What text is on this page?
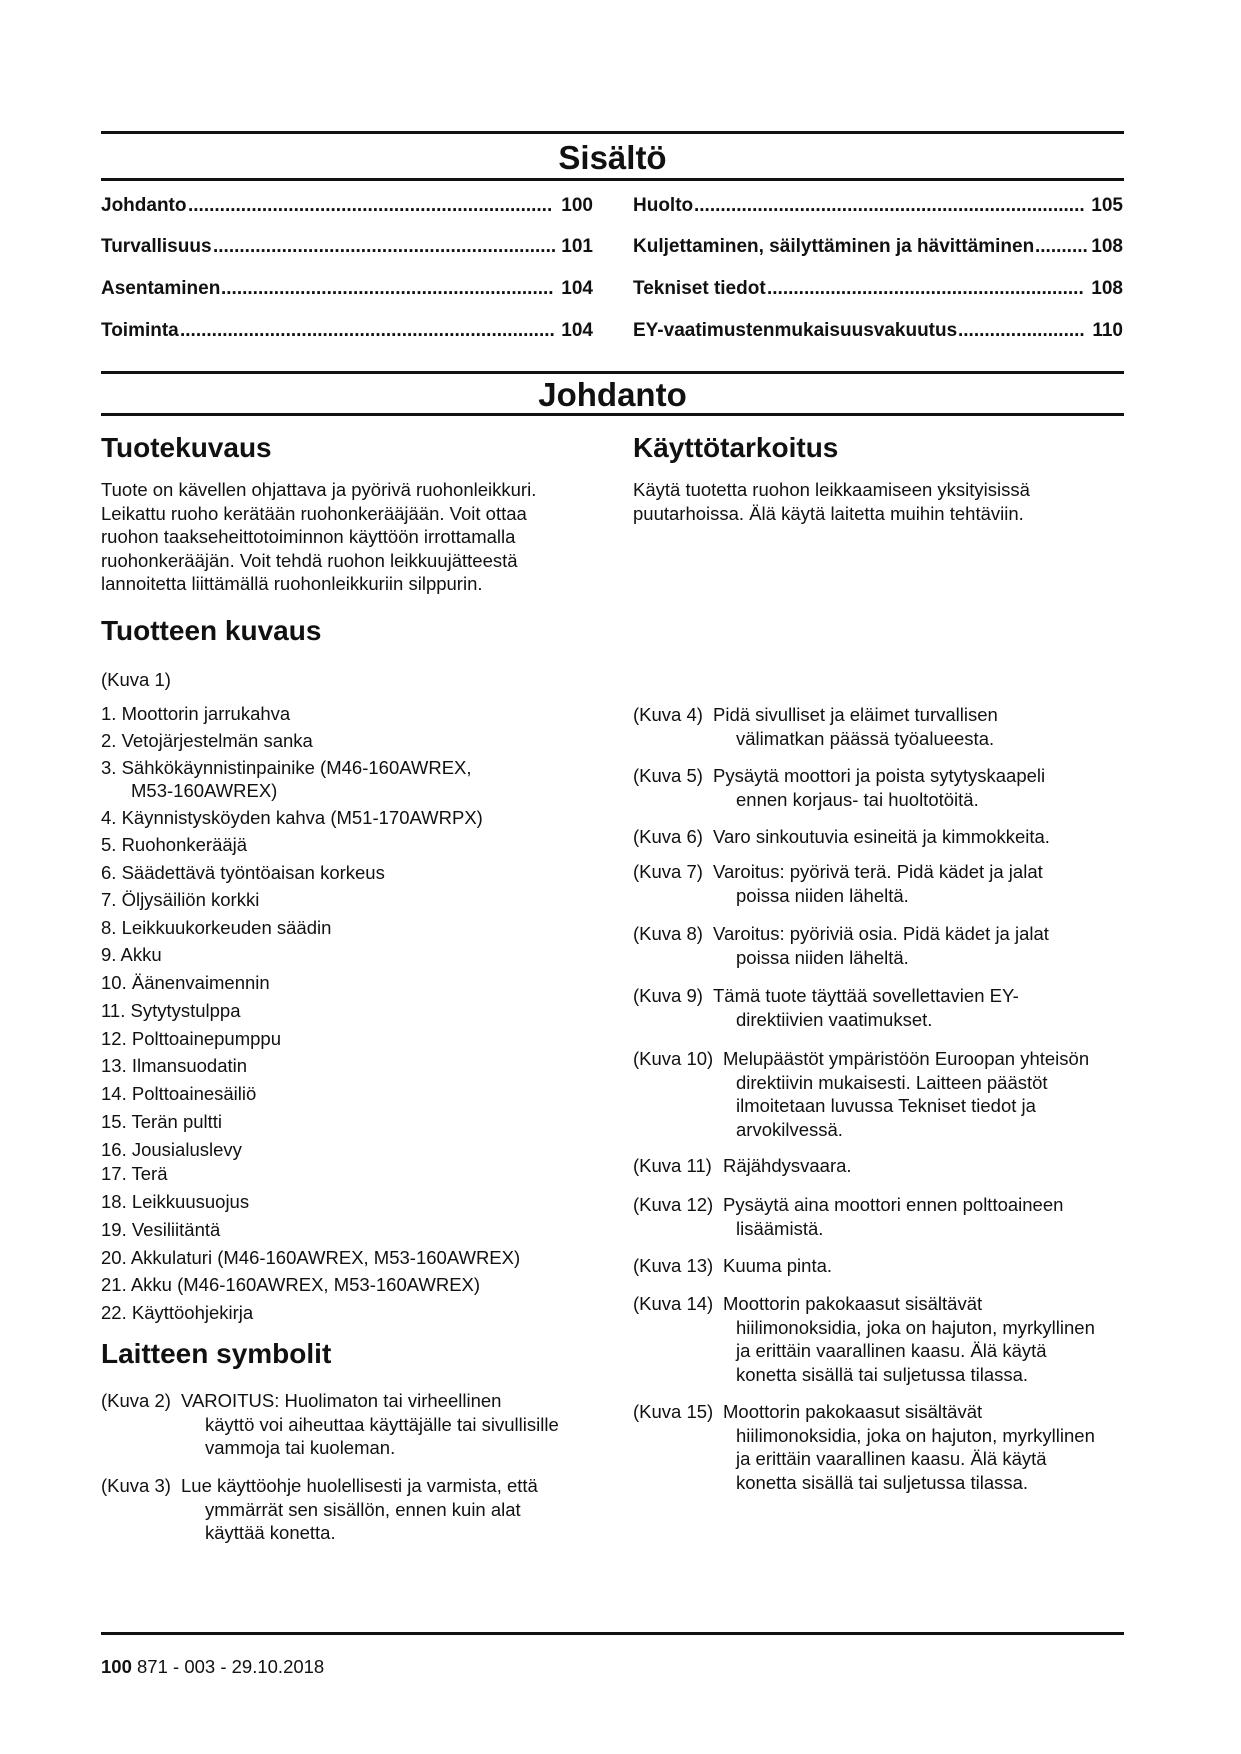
Sisältö
Johdanto	100
.....................................................................
Turvallisuus	101
.................................................................
Asentaminen	104
...............................................................
Toiminta	104
.......................................................................
Huolto	105
..........................................................................
Kuljettaminen, säilyttäminen ja hävittäminen	108
..........
Tekniset tiedot	108
............................................................
EY-vaatimustenmukaisuusvakuutus	110
........................
Johdanto
Tuotekuvaus
Tuote on kävellen ohjattava ja pyörivä ruohonleikkuri.
Leikattu ruoho kerätään ruohonkerääjään. Voit ottaa
ruohon taakseheittotoiminnon käyttöön irrottamalla
ruohonkerääjän. Voit tehdä ruohon leikkuujätteestä
lannoitetta liittämällä ruohonleikkuriin silppurin.
Käyttötarkoitus
Käytä tuotetta ruohon leikkaamiseen yksityisissä
puutarhoissa. Älä käytä laitetta muihin tehtäviin.
Tuotteen kuvaus
(Kuva 1)
1. Moottorin jarrukahva
2. Vetojärjestelmän sanka
3. Sähkökäynnistinpainike (M46-160AWREX,
M53-160AWREX)
4. Käynnistysköyden kahva (M51-170AWRPX)
5. Ruohonkerääjä
6. Säädettävä työntöaisan korkeus
7. Öljysäiliön korkki
8. Leikkuukorkeuden säädin
9. Akku
10. Äänenvaimennin
11. Sytytystulppa
12. Polttoainepumppu
13. Ilmansuodatin
14. Polttoainesäiliö
15. Terän pultti
16. Jousialuslevy
17. Terä
18. Leikkuusuojus
19. Vesiliitäntä
20. Akkulaturi (M46-160AWREX, M53-160AWREX)
21. Akku (M46-160AWREX, M53-160AWREX)
22. Käyttöohjekirja
Laitteen symbolit
(Kuva 2) VAROITUS: Huolimaton tai virheellinen
käyttö voi aiheuttaa käyttäjälle tai sivullisille
vammoja tai kuoleman.
(Kuva 3) Lue käyttöohje huolellisesti ja varmista, että
ymmärrät sen sisällön, ennen kuin alat
käyttää konetta.
(Kuva 4) Pidä sivulliset ja eläimet turvallisen
välimatkan päässä työalueesta.
(Kuva 5) Pysäytä moottori ja poista sytytyskaapeli
ennen korjaus- tai huoltotöitä.
(Kuva 6) Varo sinkoutuvia esineitä ja kimmokkeita.
(Kuva 7) Varoitus: pyörivä terä. Pidä kädet ja jalat
poissa niiden läheltä.
(Kuva 8) Varoitus: pyöriviä osia. Pidä kädet ja jalat
poissa niiden läheltä.
(Kuva 9) Tämä tuote täyttää sovellettavien EY-
direktiivien vaatimukset.
(Kuva 10) Melupäästöt ympäristöön Euroopan yhteisön
direktiivin mukaisesti. Laitteen päästöt
ilmoitetaan luvussa Tekniset tiedot ja
arvokilvessä.
(Kuva 11) Räjähdysvaara.
(Kuva 12) Pysäytä aina moottori ennen polttoaineen
lisäämistä.
(Kuva 13) Kuuma pinta.
(Kuva 14) Moottorin pakokaasut sisältävät
hiilimonoksidia, joka on hajuton, myrkyllinen
ja erittäin vaarallinen kaasu. Älä käytä
konetta sisällä tai suljetussa tilassa.
(Kuva 15) Moottorin pakokaasut sisältävät
hiilimonoksidia, joka on hajuton, myrkyllinen
ja erittäin vaarallinen kaasu. Älä käytä
konetta sisällä tai suljetussa tilassa.
100 871 - 003 - 29.10.2018
